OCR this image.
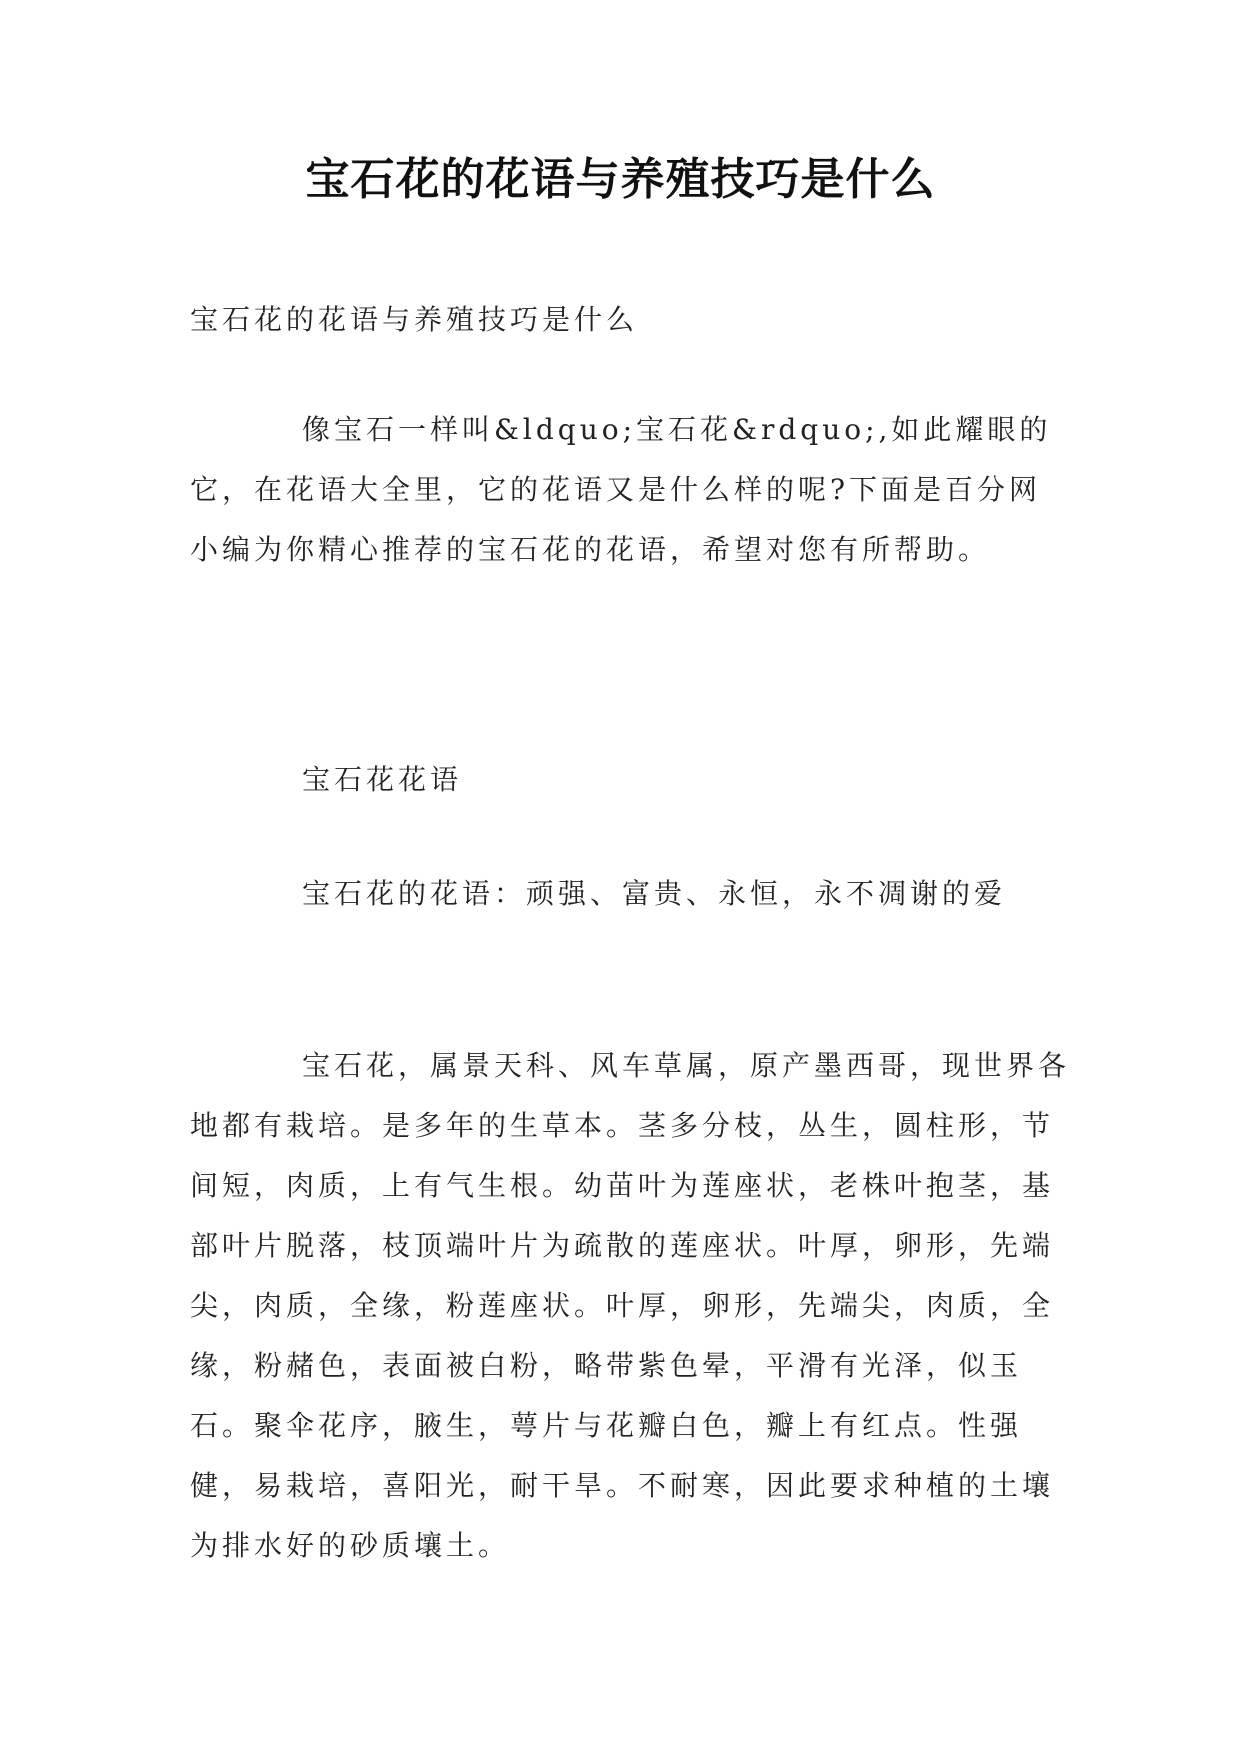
宝石花的花语与养殖技巧是什么

宝石花的花语与养殖技巧是什么

像宝石一样叫&ldquo;宝石花&rdquo;,如此耀眼的它，在花语大全里，它的花语又是什么样的呢?下面是百分网小编为你精心推荐的宝石花的花语，希望对您有所帮助。

宝石花花语

宝石花的花语：顽强、富贵、永恒，永不凋谢的爱

宝石花，属景天科、风车草属，原产墨西哥，现世界各地都有栽培。是多年的生草本。茎多分枝，丛生，圆柱形，节间短，肉质，上有气生根。幼苗叶为莲座状，老株叶抱茎，基部叶片脱落，枝顶端叶片为疏散的莲座状。叶厚，卵形，先端尖，肉质，全缘，粉莲座状。叶厚，卵形，先端尖，肉质，全缘，粉赭色，表面被白粉，略带紫色晕，平滑有光泽，似玉石。聚伞花序，腋生，萼片与花瓣白色，瓣上有红点。性强健，易栽培，喜阳光，耐干旱。不耐寒，因此要求种植的土壤为排水好的砂质壤土。
